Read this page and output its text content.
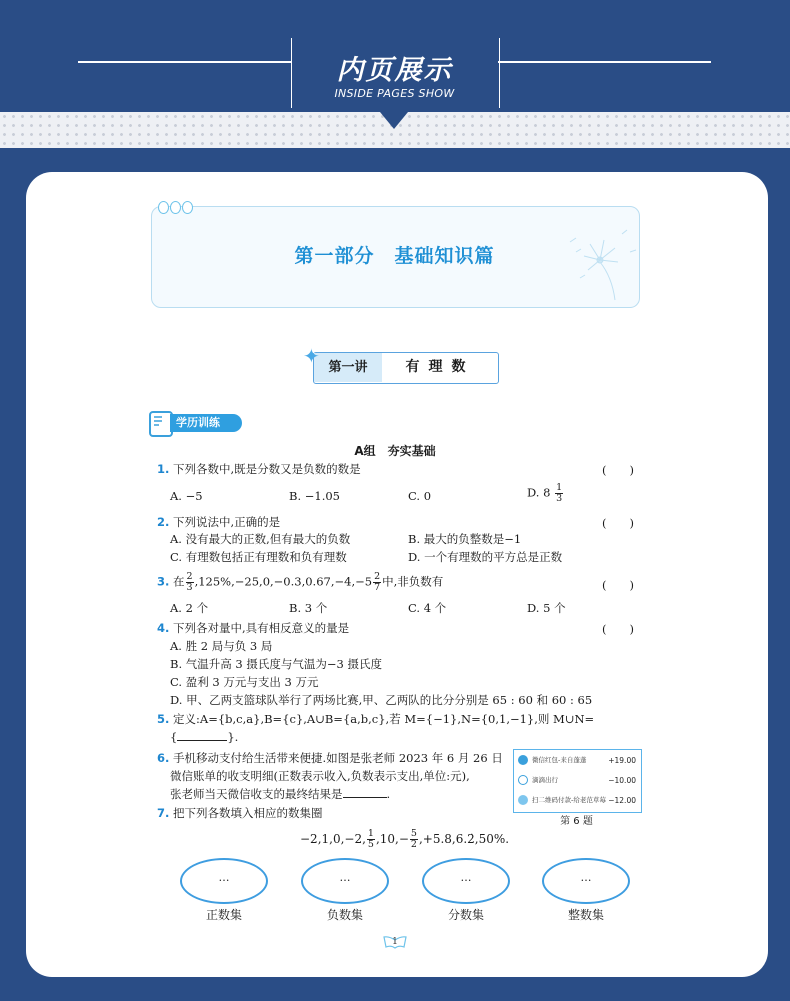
内页展示
INSIDE PAGES SHOW
第一部分　基础知识篇
第一讲	有理数
✦
学历训练
A组　夯实基础
1. 下列各数中,既是分数又是负数的数是	(　　)
A. −5	B. −1.05	C. 0	D. $8 \frac{1}{3}$
2. 下列说法中,正确的是	(　　)
A. 没有最大的正数,但有最大的负数	B. 最大的负整数是−1
C. 有理数包括正有理数和负有理数	D. 一个有理数的平方总是正数
3. 在 $\frac{2}{3} ,125\%,-25,0,-0.3,0.67,-4,-5 \frac{2}{7}$ 中,非负数有	(　　)
A. 2 个	B. 3 个	C. 4 个	D. 5 个
4. 下列各对量中,具有相反意义的量是	(　　)
A. 胜 2 局与负 3 局
B. 气温升高 3 摄氏度与气温为−3 摄氏度
C. 盈利 3 万元与支出 3 万元
D. 甲、乙两支篮球队举行了两场比赛,甲、乙两队的比分分别是 65 : 60 和 60 : 65
5. 定义:A={b,c,a},B={c},A∪B={a,b,c},若 M={−1},N={0,1,−1},则 M∪N=
{	}.
6. 手机移动支付给生活带来便捷.如图是张老师 2023 年 6 月 26 日
微信账单的收支明细(正数表示收入,负数表示支出,单位:元),
张老师当天微信收支的最终结果是	.
微信红包-来自蓬蓬	+19.00
滴滴出行	−10.00
扫二维码付款-给老范草莓 −12.00
第 6 题
7. 把下列各数填入相应的数集圈
−2,1,0,−2, $\frac{1}{5} ,10,- \frac{5}{2}$ ,+5.8,6.2̇,50%.
…	…	…	…
正数集	负数集	分数集	整数集
1
